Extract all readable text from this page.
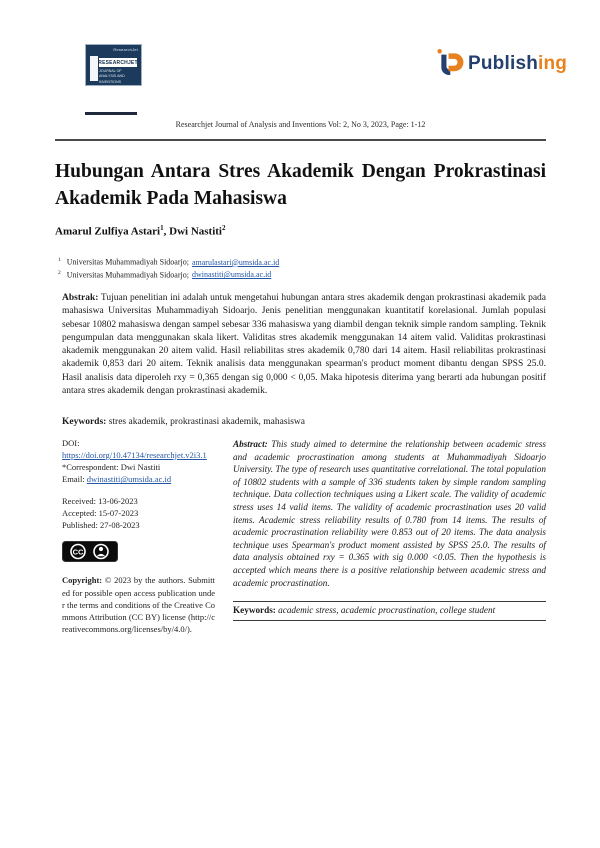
ResearchJet
RESEARCHJET
JOURNAL OF ANALYSIS AND INVENTIONS
Publishing
Researchjet Journal of Analysis and Inventions Vol: 2, No 3, 2023, Page: 1-12
Hubungan Antara Stres Akademik Dengan Prokrastinasi Akademik Pada Mahasiswa
Amarul Zulfiya Astari$^1$, Dwi Nastiti$^2$
$^1$ Universitas Muhammadiyah Sidoarjo; amarulastari@umsida.ac.id
$^2$ Universitas Muhammadiyah Sidoarjo; dwinastiti@umsida.ac.id

Abstrak: Tujuan penelitian ini adalah untuk mengetahui hubungan antara stres akademik dengan prokrastinasi akademik pada mahasiswa Universitas Muhammadiyah Sidoarjo. Jenis penelitian menggunakan kuantitatif korelasional. Jumlah populasi sebesar 10802 mahasiswa dengan sampel sebesar 336 mahasiswa yang diambil dengan teknik simple random sampling. Teknik pengumpulan data menggunakan skala likert. Validitas stres akademik menggunakan 14 aitem valid. Validitas prokrastinasi akademik menggunakan 20 aitem valid. Hasil reliabilitas stres akademik 0,780 dari 14 aitem. Hasil reliabilitas prokrastinasi akademik 0,853 dari 20 aitem. Teknik analisis data menggunakan spearman's product moment dibantu dengan SPSS 25.0. Hasil analisis data diperoleh rxy = 0,365 dengan sig 0,000 < 0,05. Maka hipotesis diterima yang berarti ada hubungan positif antara stres akademik dengan prokrastinasi akademik.

Keywords: stres akademik, prokrastinasi akademik, mahasiswa
DOI:
https://doi.org/10.47134/researchjet.v2i3.1
*Correspondent: Dwi Nastiti
Email: dwinastiti@umsida.ac.id
Received: 13-06-2023
Accepted: 15-07-2023
Published: 27-08-2023
CC

Copyright: © 2023 by the authors. Submitted for possible open access publication under the terms and conditions of the Creative Commons Attribution (CC BY) license (http://creativecommons.org/licenses/by/4.0/).

Abstract: This study aimed to determine the relationship between academic stress and academic procrastination among students at Muhammadiyah Sidoarjo University. The type of research uses quantitative correlational. The total population of 10802 students with a sample of 336 students taken by simple random sampling technique. Data collection techniques using a Likert scale. The validity of academic stress uses 14 valid items. The validity of academic procrastination uses 20 valid items. Academic stress reliability results of 0.780 from 14 items. The results of academic procrastination reliability were 0.853 out of 20 items. The data analysis technique uses Spearman's product moment assisted by SPSS 25.0. The results of data analysis obtained rxy = 0.365 with sig 0.000 <0.05. Then the hypothesis is accepted which means there is a positive relationship between academic stress and academic procrastination.

Keywords: academic stress, academic procrastination, college student
